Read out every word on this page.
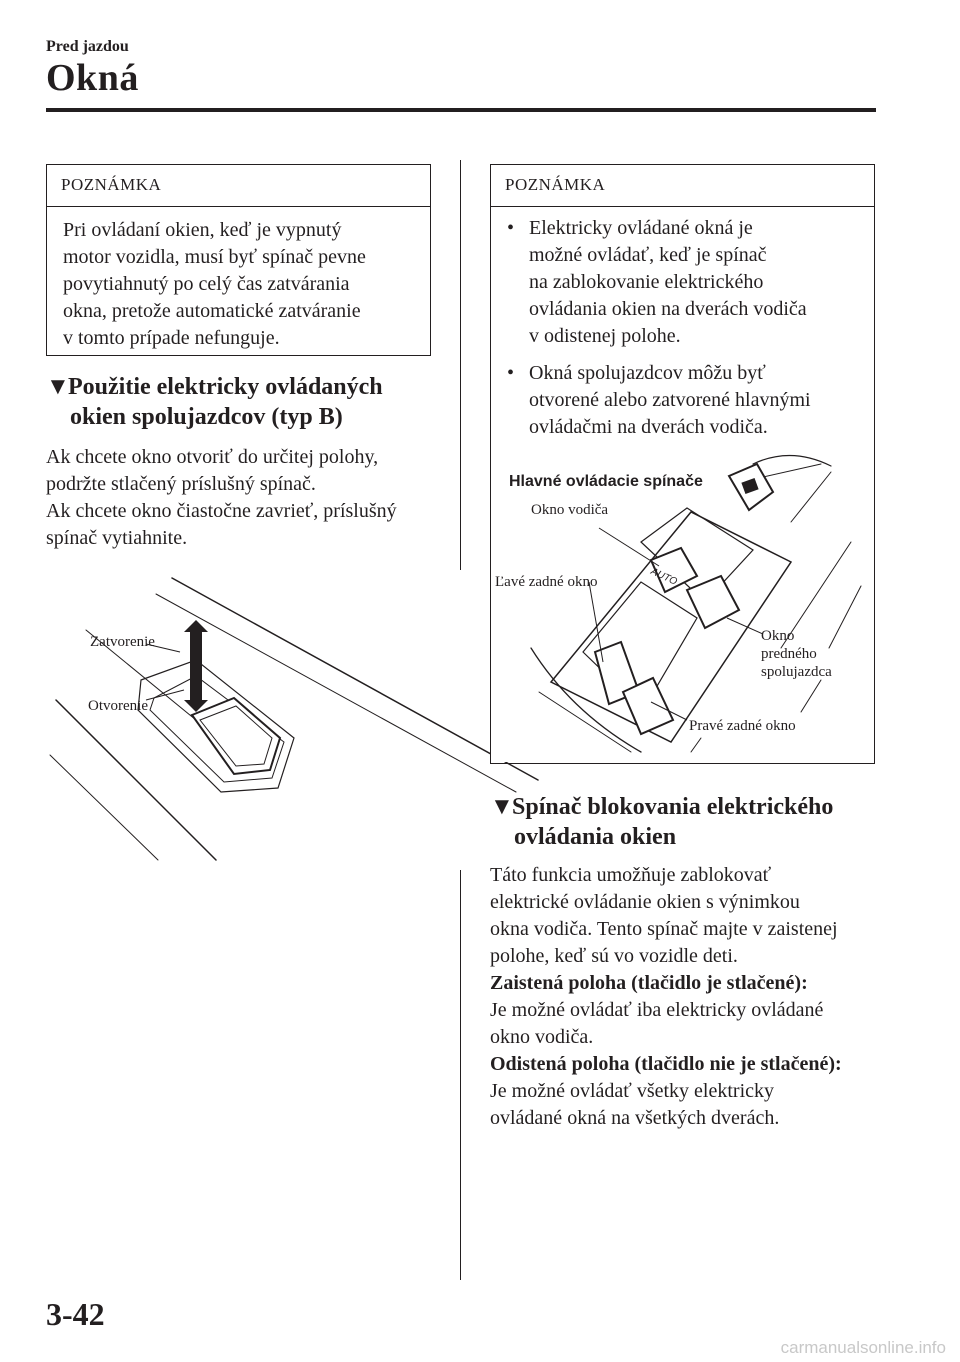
Pred jazdou
Okná
POZNÁMKA
Pri ovládaní okien, keď je vypnutý
motor vozidla, musí byť spínač pevne
povytiahnutý po celý čas zatvárania
okna, pretože automatické zatváranie
v tomto prípade nefunguje.
▼Použitie elektricky ovládaných
okien spolujazdcov (typ B)

Ak chcete okno otvoriť do určitej polohy,

podržte stlačený príslušný spínač.

Ak chcete okno čiastočne zavrieť, príslušný

spínač vytiahnite.

Zatvorenie
Otvorenie
POZNÁMKA
• Elektricky ovládané okná je
možné ovládať, keď je spínač
na zablokovanie elektrického
ovládania okien na dverách vodiča
v odistenej polohe.
• Okná spolujazdcov môžu byť
otvorené alebo zatvorené hlavnými
ovládačmi na dverách vodiča.
AUTO
Hlavné ovládacie spínače
Okno vodiča
Ľavé zadné okno
Okno predného spolujazdca
Pravé zadné okno
▼Spínač blokovania elektrického
ovládania okien

Táto funkcia umožňuje zablokovať

elektrické ovládanie okien s výnimkou

okna vodiča. Tento spínač majte v zaistenej

polohe, keď sú vo vozidle deti.

Zaistená poloha (tlačidlo je stlačené):

Je možné ovládať iba elektricky ovládané

okno vodiča.

Odistená poloha (tlačidlo nie je stlačené):

Je možné ovládať všetky elektricky

ovládané okná na všetkých dverách.

3-42
carmanualsonline.info
